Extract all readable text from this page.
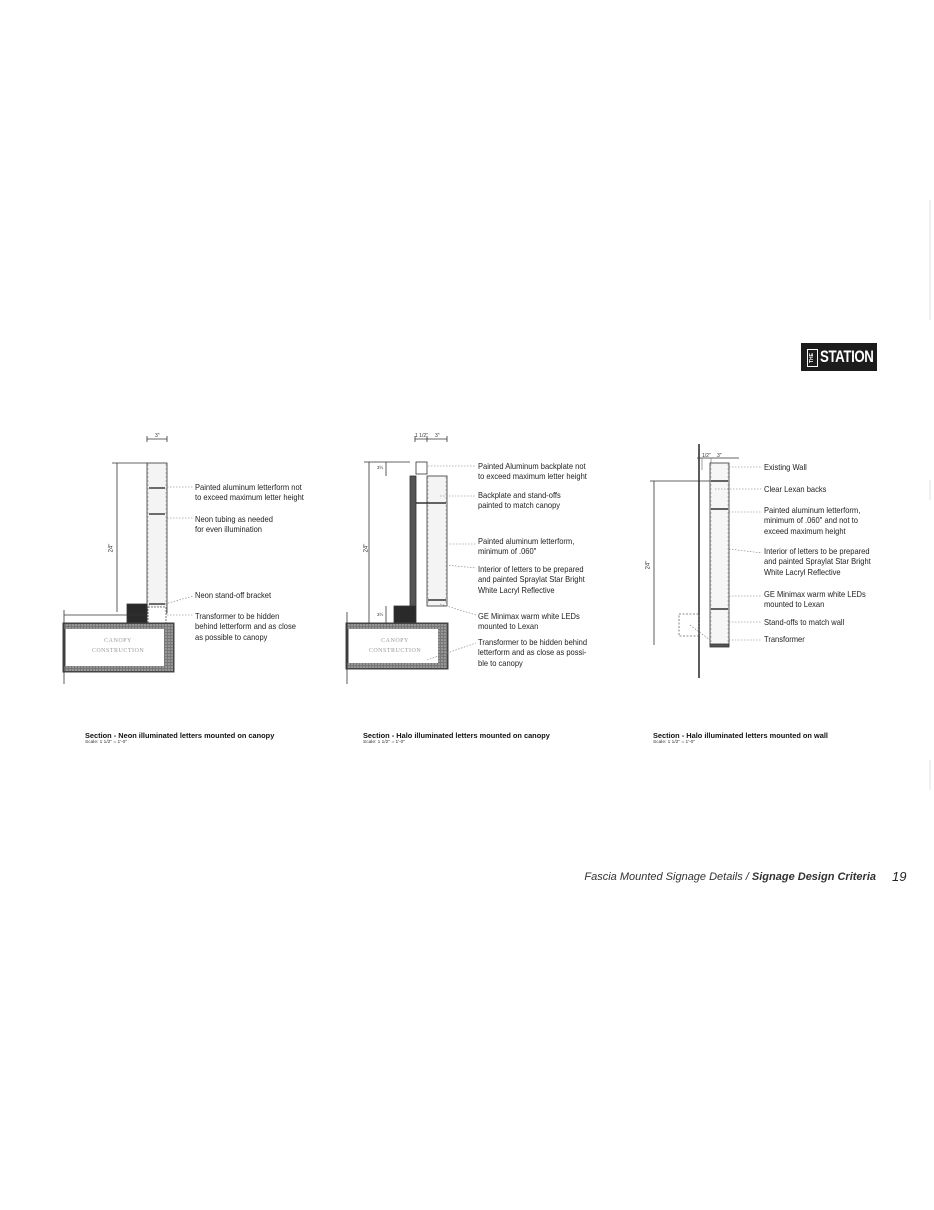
THE STATION
3"
24"
1 1/2" 3"
24"
3½
3½
1/2" 3"
24"
CANOPY
CONSTRUCTION
CANOPY
CONSTRUCTION
Painted aluminum letterform not
to exceed maximum letter height
Neon tubing as needed
for even illumination
Neon stand-off bracket
Transformer to be hidden
behind letterform and as close
as possible to canopy
Painted Aluminum backplate not
to exceed maximum letter height
Backplate and stand-offs
painted to match canopy
Painted aluminum letterform,
minimum of .060"
Interior of letters to be prepared
and painted Spraylat Star Bright
White Lacryl Reflective
GE Minimax warm white LEDs
mounted to Lexan
Transformer to be hidden behind
letterform and as close as possi-
ble to canopy
Existing Wall
Clear Lexan backs
Painted aluminum letterform,
minimum of .060" and not to
exceed maximum height
Interior of letters to be prepared
and painted Spraylat Star Bright
White Lacryl Reflective
GE Minimax warm white LEDs
mounted to Lexan
Stand-offs to match wall
Transformer
Section - Neon illuminated letters mounted on canopy
Scale: 1 1/2" = 1'-0"
Section - Halo illuminated letters mounted on canopy
Scale: 1 1/2" = 1'-0"
Section - Halo illuminated letters mounted on wall
Scale: 1 1/2" = 1'-0"
Fascia Mounted Signage Details / Signage Design Criteria 19
